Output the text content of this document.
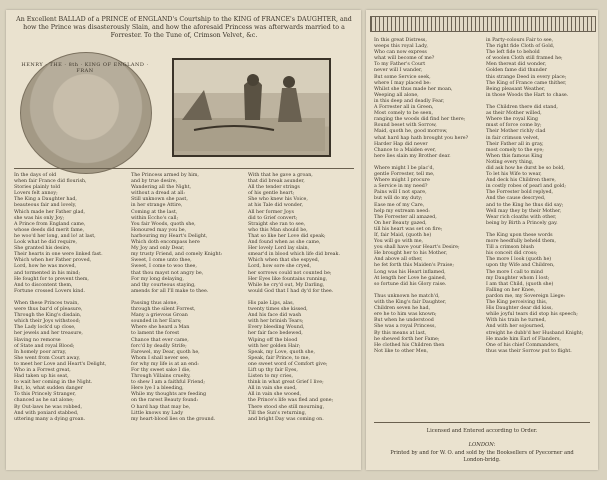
An Excellent BALLAD of a PRINCE of ENGLAND's Courtship to the KING of FRANCE's DAUGHTER, and how the Prince was disasterously Slain, and how the aforesaid Princess was afterwards married to a Forrester. To the Tune of, Crimson Velvet, &c.
HENRY · THE · 8th · KING OF ENGLAND · FRAN
In the days of old
when fair France did flourish,
Stories plainly told
Lovers felt annoy;
The King a Daughter had,
beauteous fair and lovely,
Which made her Father glad,
she was his only Joy;
A Prince from England came,
whose deeds did merit fame,
he woo'd her long, and lo! at last,
Look what he did require,
She granted his desire,
Their hearts in one were linked fast.
Which when her Father proved,
Lord, how he was moved,
and tormented in his mind;
He fought for to prevent them,
And to discontent them,
Fortune crossed Lovers kind.

When these Princes twain,
were thus bar'd of pleasure,
Through the King's disdain,
which their Joys withstood;
The Lady lock'd up close,
her jewels and her treasure,
Having no remorse
of State and royal Blood;
In homely poor array,
She went from Court away,
to meet her Love and Heart's Delight,
Who in a Forrest great,
Had taken up his seat,
to wait her coming in the Night.
But, lo, what sudden danger
To this Princely Stranger,
chanced as he sat alone;
By Out-laws he was robbed,
And with poniard stabbed,
uttering many a dying groan.
The Princess armed by him,
and by true desire,
Wandering all the Night,
without a dread at all:
Still unknown she past,
in her strange Attire,
Coming at the last,
within Eccho's call;
You fair Woods, quoth she,
Honoured may you be,
harbouring my Heart's Delight,
Which doth encompass here
My Joy and only Dear,
my trusty Friend, and comely Knight:
Sweet, I come unto thee,
Sweet, I come to woo thee,
that thou mayst not angry be,
For my long delaying,
and thy courteous staying,
amends for all I'll make to thee.

Passing thus alone,
through the silent Forrest,
Many a grievous Groan
sounded in her Ears;
Where she heard a Man
to lament the forest
Chance that ever came,
forc'd by deadly Strife;
Farewel, my Dear, quoth he,
Whom I shall never see,
for why my life is at an end:
For thy sweet sake I die,
Through Villains cruelty,
to shew I am a faithful Friend;
Here lye I a bleeding,
While my thoughts are feeding
on the rarest Beauty found:
O hard hap that may be,
Little knows my Lady
my heart-blood lies on the ground.
With that he gave a groan,
that did break asunder,
All the tender strings
of his gentle heart;
She who knew his Voice,
at his Tale did wonder,
All her former Joys
did to Grief convert;
Straight she ran to see,
who this Man should be,
That so like her Love did speak;
And found when as she came,
Her lovely Lord lay slain,
smear'd in blood which life did break.
Which when that she espyed,
Lord, how sore she cryed,
her sorrows could not counted be;
Her Eyes like fountains running,
While he cry'd out, My Darling,
would God that I had dy'd for thee.

His pale Lips, alas,
twenty times she kissed,
And his face did wash
with her brinish Tears;
Every bleeding Wound,
her fair face bedewed,
Wiping off the blood
with her golden Hair;
Speak, my Love, quoth she,
Speak, fair Prince, to me,
one sweet word of Comfort give;
Lift up thy fair Eyes,
Listen to my cries,
think in what great Grief I live;
All in vain she sued,
All in vain she wooed,
the Prince's life was fled and gone;
There stood she still mourning,
Till the Sun's returning,
and bright Day was coming on.
In this great Distress,
weeps this royal Lady,
Who can now express
what will become of me?
To my Father's Court
never will I wander,
But some Service seek,
where I may placed be:
Whilst she thus made her moan,
Weeping all alone,
in this deep and deadly Fear,
A Forrester all in Green,
Most comely to be seen,
ranging the woods did find her there;
Round beset with Sorrow,
Maid, quoth he, good morrow,
what hard hap hath brought you here?
Harder Hap did never
Chance to a Maiden ever,
here lies slain my Brother dear.

Where might I be plac'd,
gentle Forrester, tell me,
Where might I procure
a Service in my need?
Pains will I not spare,
but will do my duty;
Ease me of my Care,
help my extream need:
The Forrester all amazed,
On her Beauty gazed,
till his heart was set on fire;
If, fair Maid, (quoth he)
You will go with me,
you shall have your Heart's Desire;
He brought her to his Mother,
And above all other,
he fet forth this Maiden's Praise;
Long was his Heart inflamed,
At length her Love he gained,
so fortune did his Glory raise.

Thus unknown he match'd,
with the King's fair Daughter,
Children seven he had,
ere he to him was known;
But when he understood
She was a royal Princess,
By this means at last,
he shewed forth her Fame;
He clothed his Children then
Not like to other Men,
in Party-colours Fair to see,
The right fide Cloth of Gold,
The left fide to behold
of woolen Cloth still framed he;
Men thereat did wonder,
Golden fame did thunder
this strange Deed in every place;
The King of France came thither,
Being pleasant Weather,
in those Woods the Hart to chase.

The Children there did stand,
as their Mother willed,
Where the royal King
must of force come by;
Their Mother richly clad
in fair crimson velvet,
Their Father all in gray,
most comely to the eye;
When this famous King
Noting every thing,
did ask how he durst be so bold,
To let his Wife to wear,
And deck his Children there,
in costly robes of pearl and gold;
The Forrester bold replyed,
And the cause descryed,
and to the King he thus did say;
Well may they by their Mother,
Wear rich cloaths with other,
being by Birth a Princely gay.

The King upon these words
more heedfully beheld them,
Till a crimson blush
his conceit did cross;
The more I look (quoth he)
upon thy Wife and Children,
The more I call to mind
my Daughter whom I lost;
I am that Child, (quoth she)
Falling on her Knee,
pardon me, my Sovereign Liege:
The King perceiving this,
His Daughter dear did kiss,
while joyful tears did stop his speech;
With his train he turned,
And with her sojourned,
streight he dubb'd her Husband Knight;
He made him Earl of Flanders,
One of his chief Commanders,
thus was their Sorrow put to flight.
Licensed and Entered according to Order.
LONDON:
Printed by and for W. O. and sold by the Booksellers of Pyecorner and London-bridg.
